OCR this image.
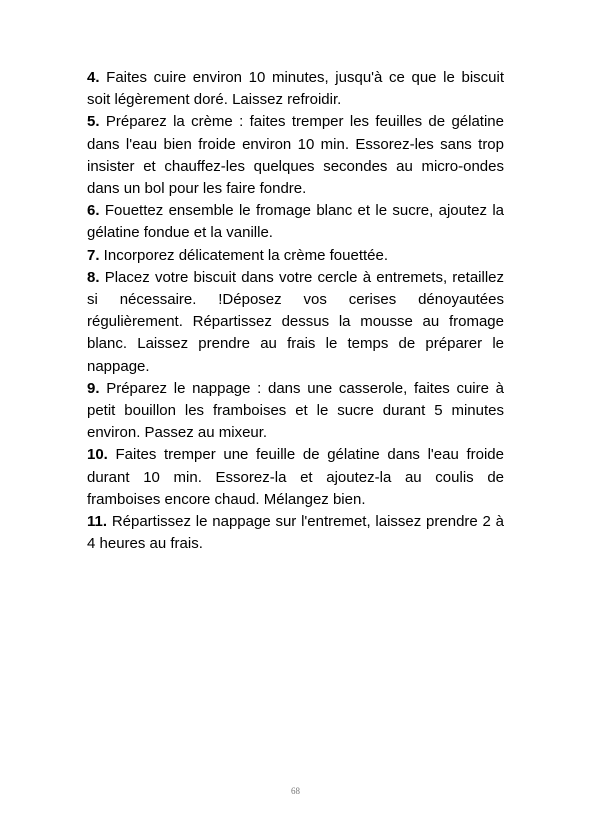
4. Faites cuire environ 10 minutes, jusqu'à ce que le biscuit soit légèrement doré. Laissez refroidir.

5. Préparez la crème : faites tremper les feuilles de gélatine dans l'eau bien froide environ 10 min. Essorez-les sans trop insister et chauffez-les quelques secondes au micro-ondes dans un bol pour les faire fondre.

6. Fouettez ensemble le fromage blanc et le sucre, ajoutez la gélatine fondue et la vanille.

7. Incorporez délicatement la crème fouettée.

8. Placez votre biscuit dans votre cercle à entremets, retaillez si nécessaire. !Déposez vos cerises dénoyautées régulièrement. Répartissez dessus la mousse au fromage blanc. Laissez prendre au frais le temps de préparer le nappage.

9. Préparez le nappage : dans une casserole, faites cuire à petit bouillon les framboises et le sucre durant 5 minutes environ. Passez au mixeur.

10. Faites tremper une feuille de gélatine dans l'eau froide durant 10 min. Essorez-la et ajoutez-la au coulis de framboises encore chaud. Mélangez bien.

11. Répartissez le nappage sur l'entremet, laissez prendre 2 à 4 heures au frais.

68
